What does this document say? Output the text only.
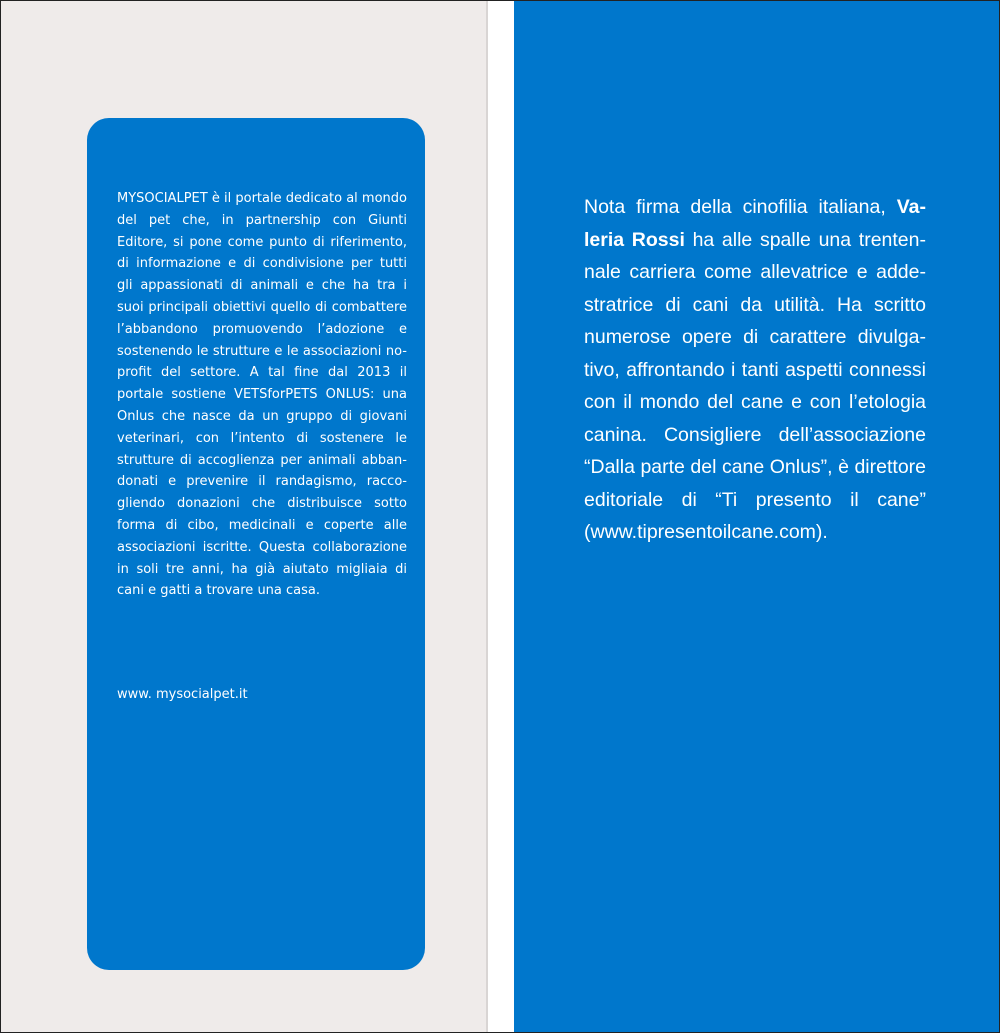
MYSOCIALPET è il portale dedicato al mondo del pet che, in partnership con Giunti Editore, si pone come punto di riferimento, di informazione e di condivisione per tutti gli appassionati di animali e che ha tra i suoi principali obiettivi quello di combattere l’abbandono promuovendo l’adozione e sostenendo le strutture e le associazioni no-profit del settore. A tal fine dal 2013 il portale sostiene VETSforPETS ONLUS: una Onlus che nasce da un gruppo di giovani veterinari, con l’intento di sostenere le strutture di accoglienza per animali abbandonati e prevenire il randagismo, raccogliendo donazioni che distribuisce sotto forma di cibo, medicinali e coperte alle associazioni iscritte. Questa collaborazione in soli tre anni, ha già aiutato migliaia di cani e gatti a trovare una casa.

www. mysocialpet.it

Nota firma della cinofilia italiana, Valeria Rossi ha alle spalle una trentennale carriera come allevatrice e addestratrice di cani da utilità. Ha scritto numerose opere di carattere divulgativo, affrontando i tanti aspetti connessi con il mondo del cane e con l’etologia canina. Consigliere dell’associazione “Dalla parte del cane Onlus”, è direttore editoriale di “Ti presento il cane” (www.tipresentoilcane.com).
